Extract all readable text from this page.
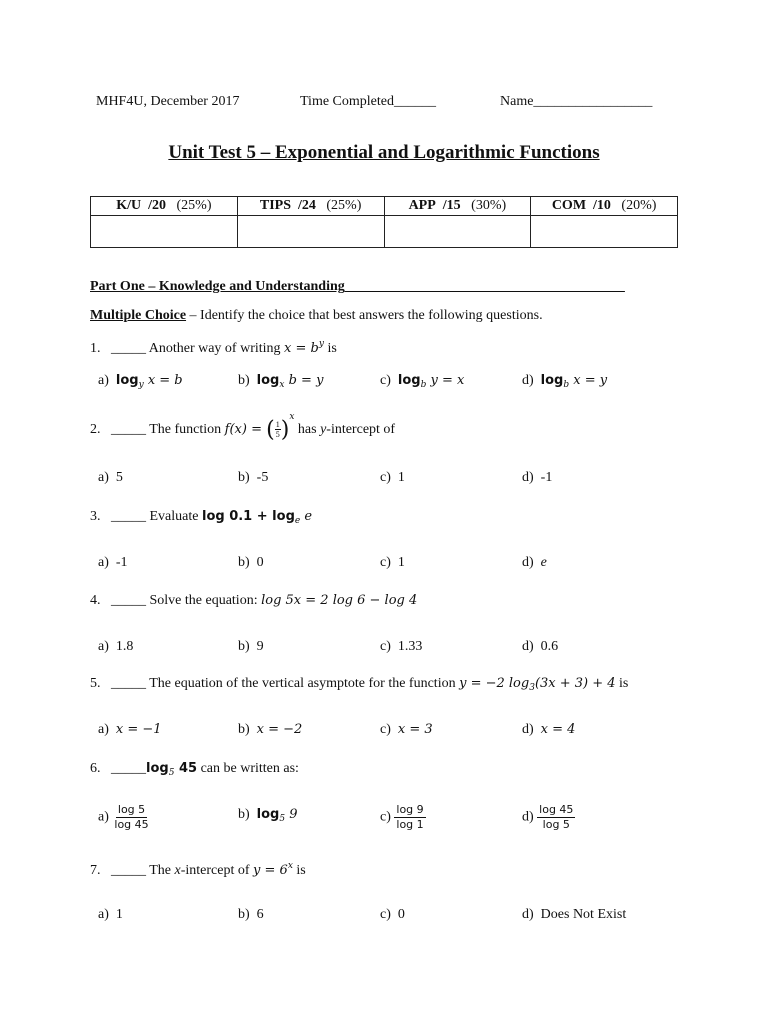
MHF4U, December 2017	Time Completed______	Name_________________
Unit Test 5 – Exponential and Logarithmic Functions
K/U /20 (25%)	TIPS /24 (25%)	APP /15 (30%)	COM /10 (20%)

Part One – Knowledge and Understanding________________________________________
Multiple Choice – Identify the choice that best answers the following questions.
1. _____ Another way of writing $x = b^y$ is
a) $\log_y x = b$	b) $\log_x b = y$	c) $\log_b y = x$	d) $\log_b x = y$
2. _____ The function f(x) = ( $\frac{1}{5} )^x$ has y-intercept of
a) 5	b) -5	c) 1	d) -1
3. _____ Evaluate $\log 0.1 + \log_e e$
a) -1	b) 0	c) 1	d) e
4. _____ Solve the equation: log 5x = 2 log 6 − log 4
a) 1.8	b) 9	c) 1.33	d) 0.6
5. _____ The equation of the vertical asymptote for the function y = −2 $\log_3(3x + 3) + 4$ is
a) x = −1	b) x = −2	c) x = 3	d) x = 4
6. $\_\_\_\_\_\log_5$ 45 can be written as:
$a) \frac{\log 5}{\log 45}$	b) $\log_5 9$	$c) \frac{\log 9}{\log 1}$	$d) \frac{\log 45}{\log 5}$
7. _____ The x-intercept of $y = 6^x$ is
a) 1	b) 6	c) 0	d) Does Not Exist
